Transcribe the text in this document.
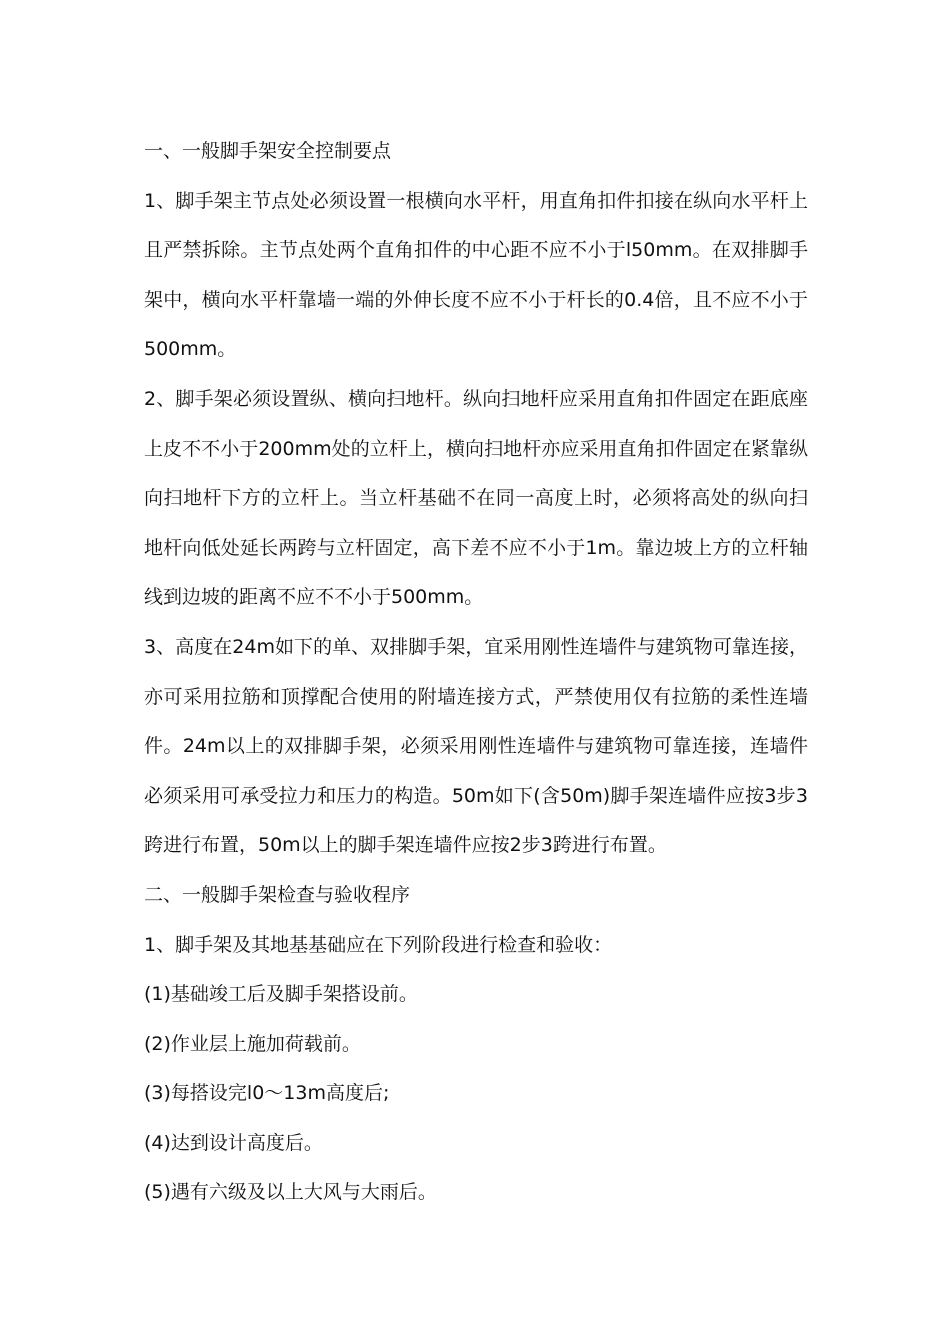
一、一般脚手架安全控制要点

1、脚手架主节点处必须设置一根横向水平杆，用直角扣件扣接在纵向水平杆上且严禁拆除。主节点处两个直角扣件的中心距不应不小于l50mm。在双排脚手架中，横向水平杆靠墙一端的外伸长度不应不小于杆长的0.4倍，且不应不小于500mm。

2、脚手架必须设置纵、横向扫地杆。纵向扫地杆应采用直角扣件固定在距底座上皮不不小于200mm处的立杆上，横向扫地杆亦应采用直角扣件固定在紧靠纵向扫地杆下方的立杆上。当立杆基础不在同一高度上时，必须将高处的纵向扫地杆向低处延长两跨与立杆固定，高下差不应不小于1m。靠边坡上方的立杆轴线到边坡的距离不应不不小于500mm。

3、高度在24m如下的单、双排脚手架，宜采用刚性连墙件与建筑物可靠连接，亦可采用拉筋和顶撑配合使用的附墙连接方式，严禁使用仅有拉筋的柔性连墙件。24m以上的双排脚手架，必须采用刚性连墙件与建筑物可靠连接，连墙件必须采用可承受拉力和压力的构造。50m如下(含50m)脚手架连墙件应按3步3跨进行布置，50m以上的脚手架连墙件应按2步3跨进行布置。

二、一般脚手架检查与验收程序

1、脚手架及其地基基础应在下列阶段进行检查和验收：

(1)基础竣工后及脚手架搭设前。

(2)作业层上施加荷载前。

(3)每搭设完l0～13m高度后;

(4)达到设计高度后。

(5)遇有六级及以上大风与大雨后。
